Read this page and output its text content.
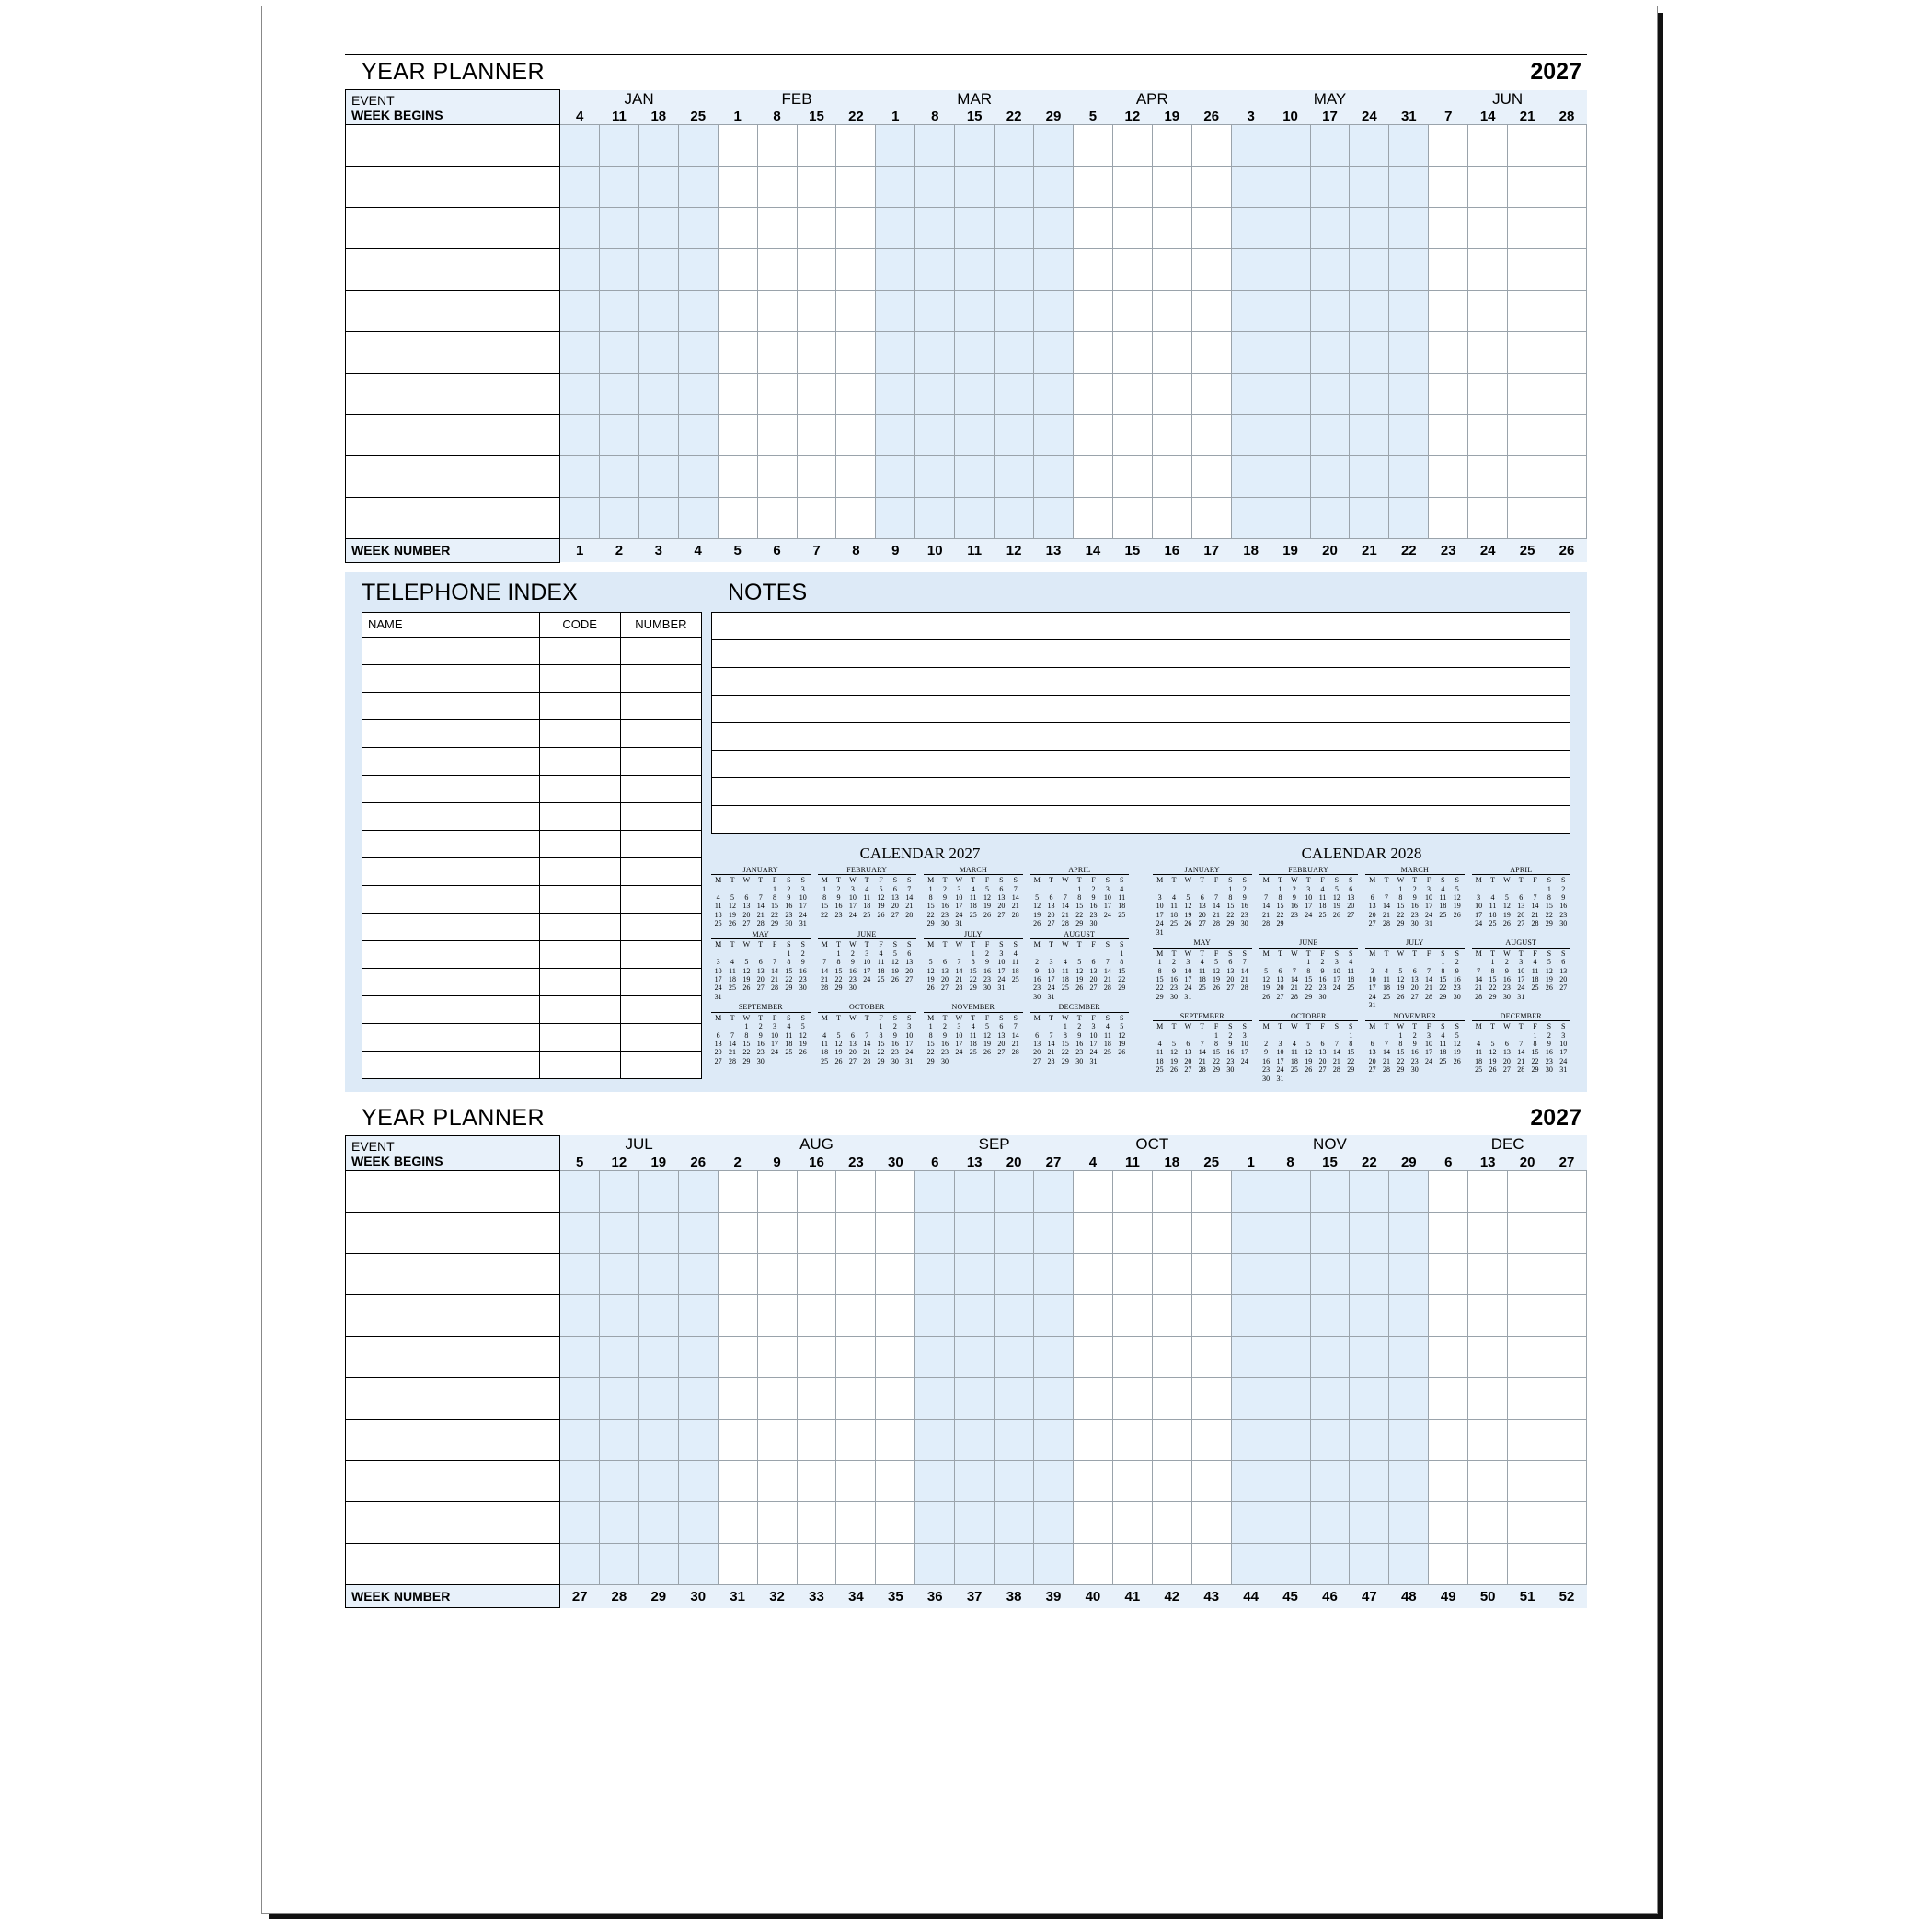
YEAR PLANNER	2027
EVENT
WEEK BEGINS	JAN				FEB				MAR					APR				MAY					JUN			
	4	11	18	25	1	8	15	22	1	8	15	22	29	5	12	19	26	3	10	17	24	31	7	14	21	28

WEEK NUMBER	1	2	3	4	5	6	7	8	9	10	11	12	13	14	15	16	17	18	19	20	21	22	23	24	25	26
TELEPHONE INDEX	NOTES
NAME	CODE	NUMBER

CALENDAR 2027
JANUARY
M	T	W	T	F	S	S
				1	2	3
4	5	6	7	8	9	10
11	12	13	14	15	16	17
18	19	20	21	22	23	24
25	26	27	28	29	30	31
FEBRUARY
M	T	W	T	F	S	S
1	2	3	4	5	6	7
8	9	10	11	12	13	14
15	16	17	18	19	20	21
22	23	24	25	26	27	28

MARCH
M	T	W	T	F	S	S
1	2	3	4	5	6	7
8	9	10	11	12	13	14
15	16	17	18	19	20	21
22	23	24	25	26	27	28
29	30	31				
APRIL
M	T	W	T	F	S	S
			1	2	3	4
5	6	7	8	9	10	11
12	13	14	15	16	17	18
19	20	21	22	23	24	25
26	27	28	29	30		
MAY
M	T	W	T	F	S	S
					1	2
3	4	5	6	7	8	9
10	11	12	13	14	15	16
17	18	19	20	21	22	23
24	25	26	27	28	29	30
31						
JUNE
M	T	W	T	F	S	S
	1	2	3	4	5	6
7	8	9	10	11	12	13
14	15	16	17	18	19	20
21	22	23	24	25	26	27
28	29	30				
JULY
M	T	W	T	F	S	S
			1	2	3	4
5	6	7	8	9	10	11
12	13	14	15	16	17	18
19	20	21	22	23	24	25
26	27	28	29	30	31	
AUGUST
M	T	W	T	F	S	S
						1
2	3	4	5	6	7	8
9	10	11	12	13	14	15
16	17	18	19	20	21	22
23	24	25	26	27	28	29
30	31					
SEPTEMBER
M	T	W	T	F	S	S
		1	2	3	4	5
6	7	8	9	10	11	12
13	14	15	16	17	18	19
20	21	22	23	24	25	26
27	28	29	30			
OCTOBER
M	T	W	T	F	S	S
				1	2	3
4	5	6	7	8	9	10
11	12	13	14	15	16	17
18	19	20	21	22	23	24
25	26	27	28	29	30	31
NOVEMBER
M	T	W	T	F	S	S
1	2	3	4	5	6	7
8	9	10	11	12	13	14
15	16	17	18	19	20	21
22	23	24	25	26	27	28
29	30					
DECEMBER
M	T	W	T	F	S	S
		1	2	3	4	5
6	7	8	9	10	11	12
13	14	15	16	17	18	19
20	21	22	23	24	25	26
27	28	29	30	31		
CALENDAR 2028
JANUARY
M	T	W	T	F	S	S
					1	2
3	4	5	6	7	8	9
10	11	12	13	14	15	16
17	18	19	20	21	22	23
24	25	26	27	28	29	30
31						
FEBRUARY
M	T	W	T	F	S	S
	1	2	3	4	5	6
7	8	9	10	11	12	13
14	15	16	17	18	19	20
21	22	23	24	25	26	27
28	29					
MARCH
M	T	W	T	F	S	S
		1	2	3	4	5
6	7	8	9	10	11	12
13	14	15	16	17	18	19
20	21	22	23	24	25	26
27	28	29	30	31		
APRIL
M	T	W	T	F	S	S
					1	2
3	4	5	6	7	8	9
10	11	12	13	14	15	16
17	18	19	20	21	22	23
24	25	26	27	28	29	30
MAY
M	T	W	T	F	S	S
1	2	3	4	5	6	7
8	9	10	11	12	13	14
15	16	17	18	19	20	21
22	23	24	25	26	27	28
29	30	31				
JUNE
M	T	W	T	F	S	S
			1	2	3	4
5	6	7	8	9	10	11
12	13	14	15	16	17	18
19	20	21	22	23	24	25
26	27	28	29	30		
JULY
M	T	W	T	F	S	S
					1	2
3	4	5	6	7	8	9
10	11	12	13	14	15	16
17	18	19	20	21	22	23
24	25	26	27	28	29	30
31						
AUGUST
M	T	W	T	F	S	S
	1	2	3	4	5	6
7	8	9	10	11	12	13
14	15	16	17	18	19	20
21	22	23	24	25	26	27
28	29	30	31			
SEPTEMBER
M	T	W	T	F	S	S
				1	2	3
4	5	6	7	8	9	10
11	12	13	14	15	16	17
18	19	20	21	22	23	24
25	26	27	28	29	30	
OCTOBER
M	T	W	T	F	S	S
						1
2	3	4	5	6	7	8
9	10	11	12	13	14	15
16	17	18	19	20	21	22
23	24	25	26	27	28	29
30	31					
NOVEMBER
M	T	W	T	F	S	S
		1	2	3	4	5
6	7	8	9	10	11	12
13	14	15	16	17	18	19
20	21	22	23	24	25	26
27	28	29	30			
DECEMBER
M	T	W	T	F	S	S
				1	2	3
4	5	6	7	8	9	10
11	12	13	14	15	16	17
18	19	20	21	22	23	24
25	26	27	28	29	30	31
YEAR PLANNER	2027
EVENT
WEEK BEGINS	JUL				AUG					SEP				OCT				NOV					DEC			
	5	12	19	26	2	9	16	23	30	6	13	20	27	4	11	18	25	1	8	15	22	29	6	13	20	27

WEEK NUMBER	27	28	29	30	31	32	33	34	35	36	37	38	39	40	41	42	43	44	45	46	47	48	49	50	51	52
